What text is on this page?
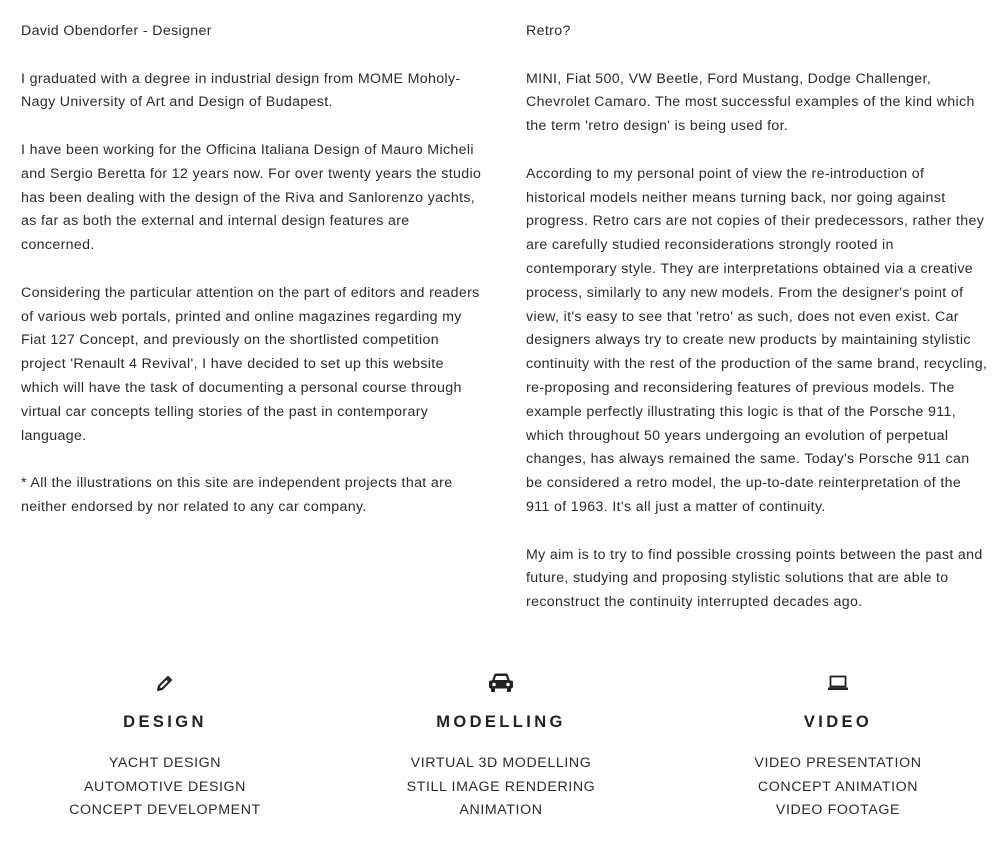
David Obendorfer - Designer

I graduated with a degree in industrial design from MOME Moholy-Nagy University of Art and Design of Budapest.

I have been working for the Officina Italiana Design of Mauro Micheli and Sergio Beretta for 12 years now. For over twenty years the studio has been dealing with the design of the Riva and Sanlorenzo yachts, as far as both the external and internal design features are concerned.

Considering the particular attention on the part of editors and readers of various web portals, printed and online magazines regarding my Fiat 127 Concept, and previously on the shortlisted competition project 'Renault 4 Revival', I have decided to set up this website which will have the task of documenting a personal course through virtual car concepts telling stories of the past in contemporary language.

* All the illustrations on this site are independent projects that are neither endorsed by nor related to any car company.

Retro?

MINI, Fiat 500, VW Beetle, Ford Mustang, Dodge Challenger, Chevrolet Camaro. The most successful examples of the kind which the term 'retro design' is being used for.

According to my personal point of view the re-introduction of historical models neither means turning back, nor going against progress. Retro cars are not copies of their predecessors, rather they are carefully studied reconsiderations strongly rooted in contemporary style. They are interpretations obtained via a creative process, similarly to any new models. From the designer's point of view, it's easy to see that 'retro' as such, does not even exist. Car designers always try to create new products by maintaining stylistic continuity with the rest of the production of the same brand, recycling, re-proposing and reconsidering features of previous models. The example perfectly illustrating this logic is that of the Porsche 911, which throughout 50 years undergoing an evolution of perpetual changes, has always remained the same. Today's Porsche 911 can be considered a retro model, the up-to-date reinterpretation of the 911 of 1963. It's all just a matter of continuity.

My aim is to try to find possible crossing points between the past and future, studying and proposing stylistic solutions that are able to reconstruct the continuity interrupted decades ago.

DESIGN
YACHT DESIGN
AUTOMOTIVE DESIGN
CONCEPT DEVELOPMENT
MODELLING
VIRTUAL 3D MODELLING
STILL IMAGE RENDERING
ANIMATION
VIDEO
VIDEO PRESENTATION
CONCEPT ANIMATION
VIDEO FOOTAGE
